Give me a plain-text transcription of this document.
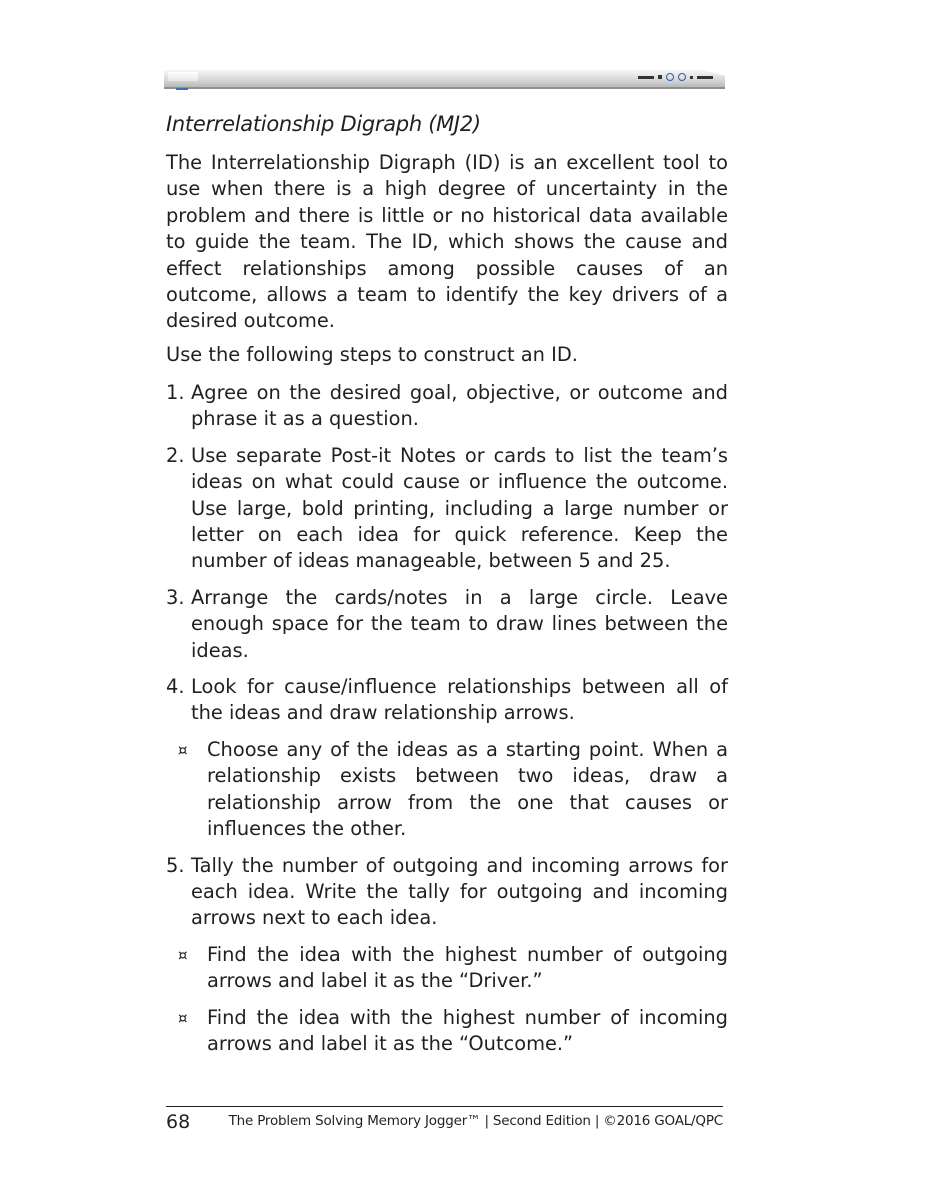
Interrelationship Digraph (MJ2)
The Interrelationship Digraph (ID) is an excellent tool to use when there is a high degree of uncertainty in the problem and there is little or no historical data available to guide the team. The ID, which shows the cause and effect relationships among possible causes of an outcome, allows a team to identify the key drivers of a desired outcome.
Use the following steps to construct an ID.
1. Agree on the desired goal, objective, or outcome and phrase it as a question.
2. Use separate Post-it Notes or cards to list the team’s ideas on what could cause or influence the outcome. Use large, bold printing, including a large number or letter on each idea for quick reference. Keep the number of ideas manageable, between 5 and 25.
3. Arrange the cards/notes in a large circle. Leave enough space for the team to draw lines between the ideas.
4. Look for cause/influence relationships between all of the ideas and draw relationship arrows.
¤ Choose any of the ideas as a starting point. When a relationship exists between two ideas, draw a relationship arrow from the one that causes or influences the other.
5. Tally the number of outgoing and incoming arrows for each idea. Write the tally for outgoing and incoming arrows next to each idea.
¤ Find the idea with the highest number of outgoing arrows and label it as the “Driver.”
¤ Find the idea with the highest number of incoming arrows and label it as the “Outcome.”
68	The Problem Solving Memory Jogger™ | Second Edition | ©2016 GOAL/QPC
